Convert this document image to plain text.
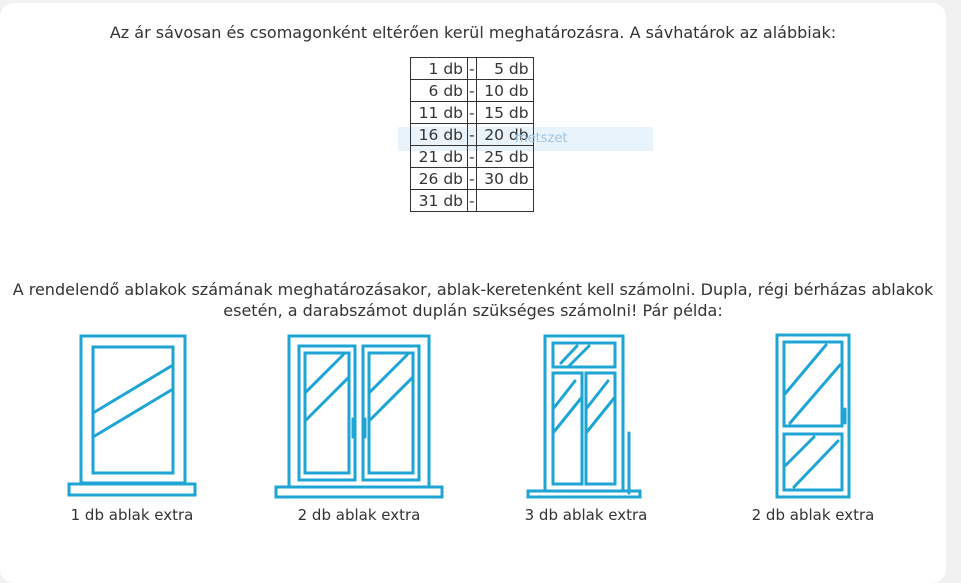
Az ár sávosan és csomagonként eltérően kerül meghatározásra. A sávhatárok az alábbiak:
1 db	-	5 db
6 db	-	10 db
11 db	-	15 db
16 db	-	20 db
21 db	-	25 db
26 db	-	30 db
31 db	-	
metszet
A rendelendő ablakok számának meghatározásakor, ablak-keretenként kell számolni. Dupla, régi bérházas ablakok
esetén, a darabszámot duplán szükséges számolni! Pár példa:
1 db ablak extra	2 db ablak extra	3 db ablak extra	2 db ablak extra
